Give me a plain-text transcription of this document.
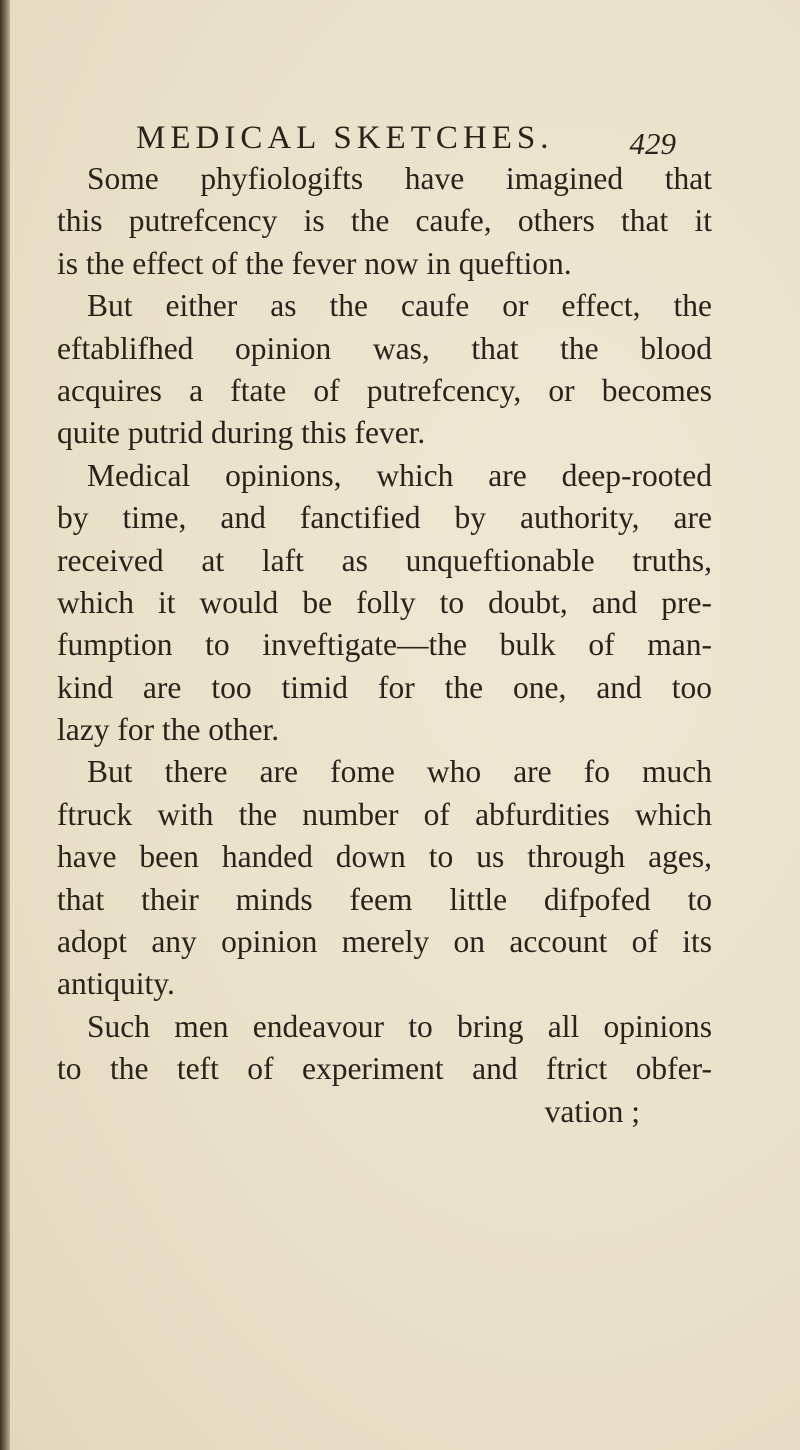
MEDICAL SKETCHES. 429
Some phyfiologifts have imagined that
this putrefcency is the caufe, others that it
is the effect of the fever now in queftion.
But either as the caufe or effect, the
eftablifhed opinion was, that the blood
acquires a ftate of putrefcency, or becomes
quite putrid during this fever.
Medical opinions, which are deep-rooted
by time, and fanctified by authority, are
received at laft as unqueftionable truths,
which it would be folly to doubt, and pre-
fumption to inveftigate—the bulk of man-
kind are too timid for the one, and too
lazy for the other.
But there are fome who are fo much
ftruck with the number of abfurdities which
have been handed down to us through ages,
that their minds feem little difpofed to
adopt any opinion merely on account of its
antiquity.
Such men endeavour to bring all opinions
to the teft of experiment and ftrict obfer-
vation ;
